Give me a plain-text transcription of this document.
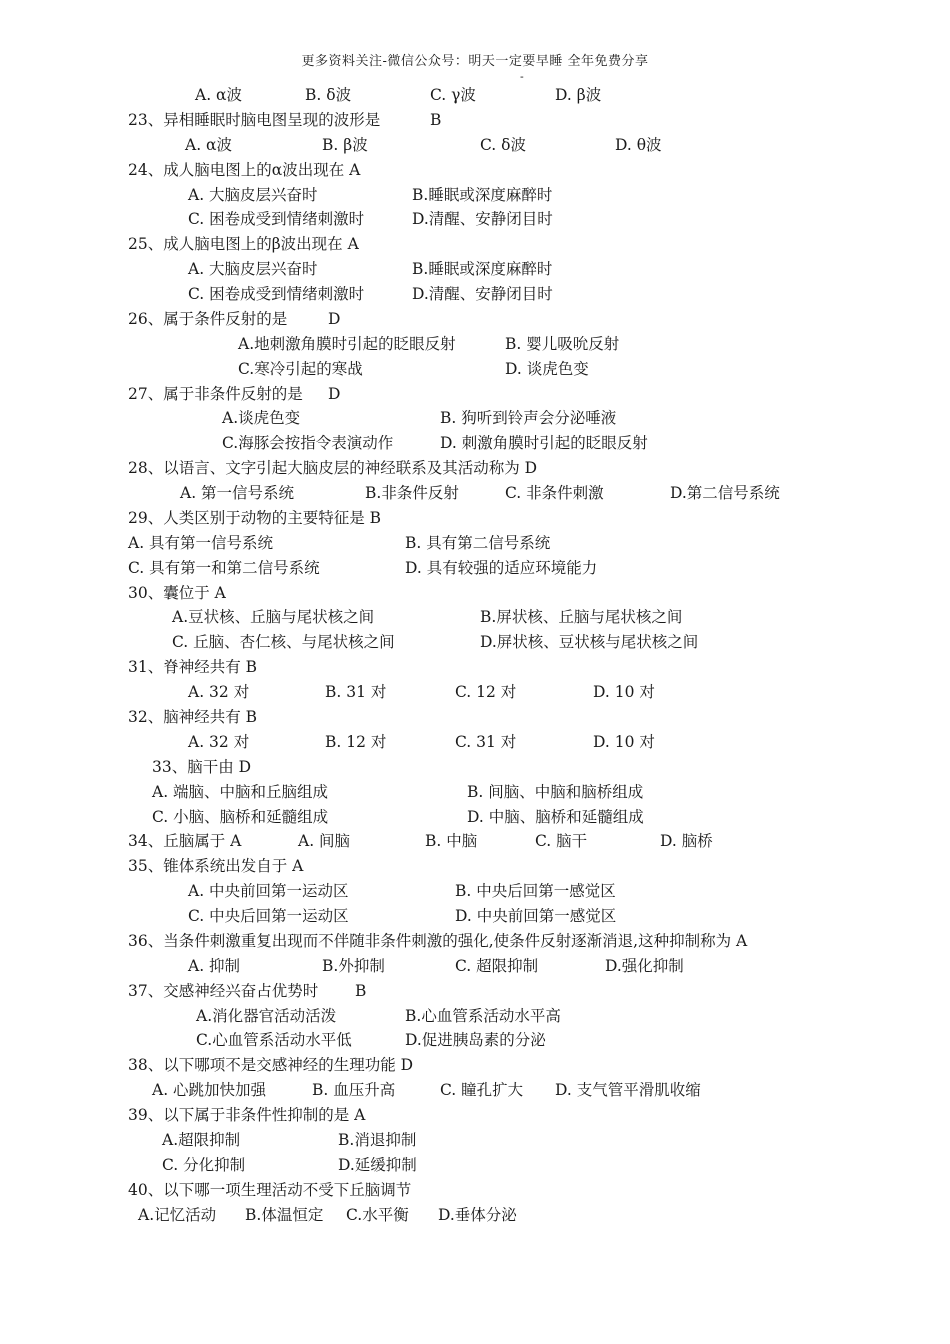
更多资料关注-微信公众号：明天一定要早睡 全年免费分享
-
A. α波	B. δ波	C. γ波	D. β波
23、异相睡眠时脑电图呈现的波形是	B
A. α波	B. β波	C. δ波	D. θ波
24、成人脑电图上的α波出现在 A
A. 大脑皮层兴奋时	B.睡眠或深度麻醉时
C. 困卷成受到情绪刺激时	D.清醒、安静闭目时
25、成人脑电图上的β波出现在 A
A. 大脑皮层兴奋时	B.睡眠或深度麻醉时
C. 困卷成受到情绪刺激时	D.清醒、安静闭目时
26、属于条件反射的是	D
A.地刺激角膜时引起的眨眼反射	B. 婴儿吸吮反射
C.寒冷引起的寒战	D. 谈虎色变
27、属于非条件反射的是 D
A.谈虎色变	B. 狗听到铃声会分泌唾液
C.海豚会按指令表演动作	D. 刺激角膜时引起的眨眼反射
28、以语言、文字引起大脑皮层的神经联系及其活动称为 D
A. 第一信号系统	B.非条件反射	C. 非条件刺激	D.第二信号系统
29、人类区别于动物的主要特征是 B
A. 具有第一信号系统	B. 具有第二信号系统
C. 具有第一和第二信号系统	D. 具有较强的适应环境能力
30、囊位于 A
A.豆状核、丘脑与尾状核之间	B.屏状核、丘脑与尾状核之间
C. 丘脑、杏仁核、与尾状核之间	D.屏状核、豆状核与尾状核之间
31、脊神经共有 B
A. 32 对	B. 31 对	C. 12 对	D. 10 对
32、脑神经共有 B
A. 32 对	B. 12 对	C. 31 对	D. 10 对
33、脑干由 D
A. 端脑、中脑和丘脑组成	B. 间脑、中脑和脑桥组成
C. 小脑、脑桥和延髓组成	D. 中脑、脑桥和延髓组成
34、丘脑属于 A	A. 间脑	B. 中脑	C. 脑干	D. 脑桥
35、锥体系统出发自于 A
A. 中央前回第一运动区	B. 中央后回第一感觉区
C. 中央后回第一运动区	D. 中央前回第一感觉区
36、当条件刺激重复出现而不伴随非条件刺激的强化,使条件反射逐渐消退,这种抑制称为 A
A. 抑制	B.外抑制	C. 超限抑制	D.强化抑制
37、交感神经兴奋占优势时 B
A.消化器官活动活泼	B.心血管系活动水平高
C.心血管系活动水平低	D.促进胰岛素的分泌
38、以下哪项不是交感神经的生理功能 D
A. 心跳加快加强	B. 血压升高	C. 瞳孔扩大 D. 支气管平滑肌收缩
39、以下属于非条件性抑制的是 A
A.超限抑制	B.消退抑制
C. 分化抑制	D.延缓抑制
40、以下哪一项生理活动不受下丘脑调节
A.记忆活动 B.体温恒定 C.水平衡 D.垂体分泌
